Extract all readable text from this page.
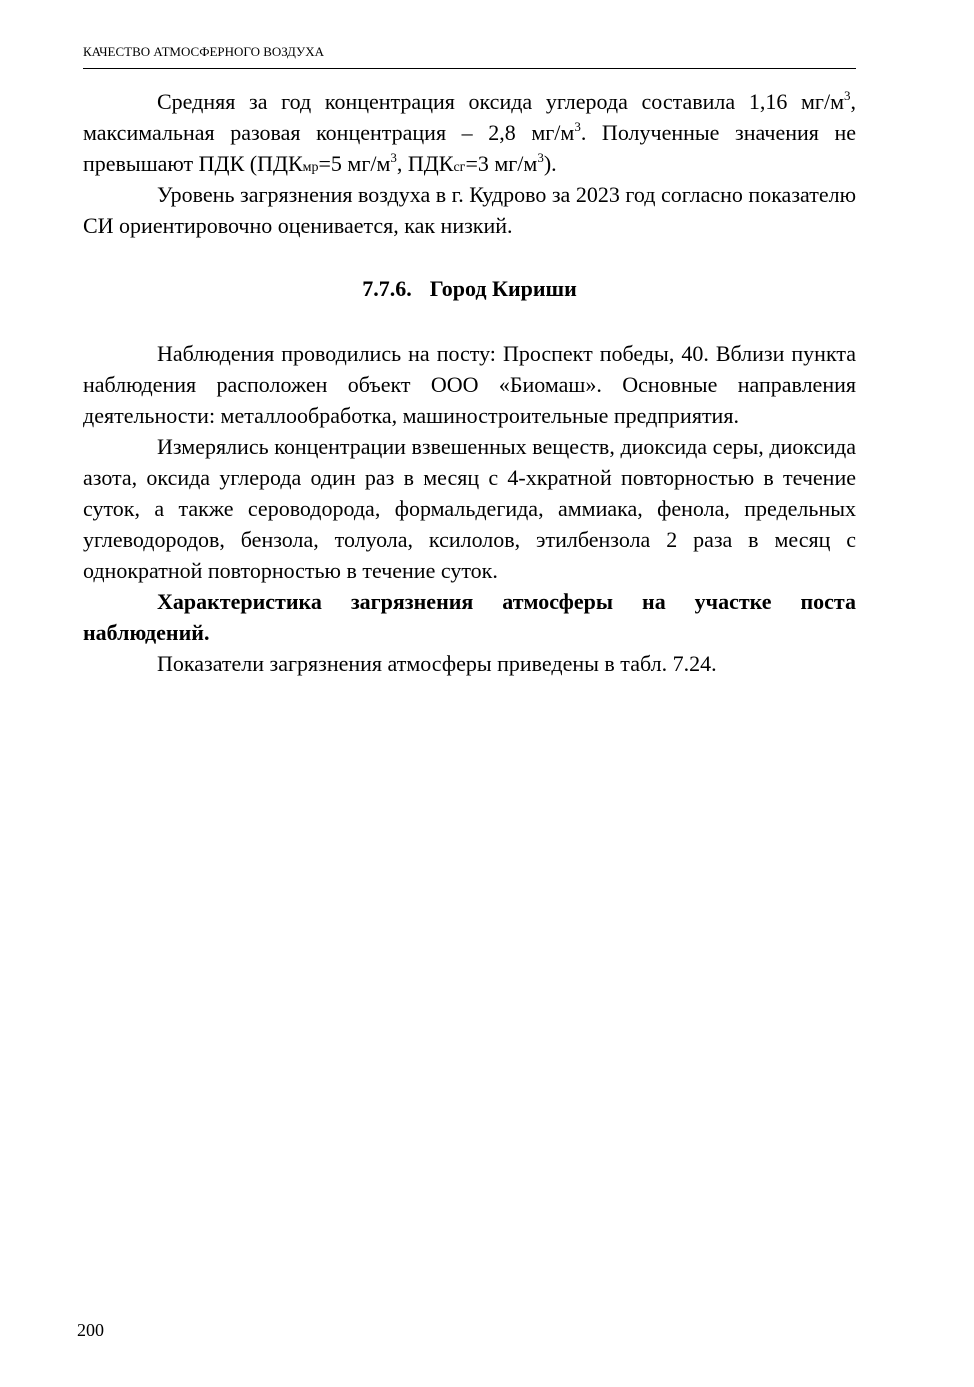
КАЧЕСТВО АТМОСФЕРНОГО ВОЗДУХА

Средняя за год концентрация оксида углерода составила 1,16 $мг/м^3$, максимальная разовая концентрация – 2,8 $мг/м^3$. Полученные значения не превышают ПДК (ПДКмр=5 $мг/м^3$, ПДКсг=3 $мг/м^3$).

Уровень загрязнения воздуха в г. Кудрово за 2023 год согласно показателю СИ ориентировочно оценивается, как низкий.

7.7.6. Город Кириши

Наблюдения проводились на посту: Проспект победы, 40. Вблизи пункта наблюдения расположен объект ООО «Биомаш». Основные направления деятельности: металлообработка, машиностроительные предприятия.

Измерялись концентрации взвешенных веществ, диоксида серы, диоксида азота, оксида углерода один раз в месяц с 4-хкратной повторностью в течение суток, а также сероводорода, формальдегида, аммиака, фенола, предельных углеводородов, бензола, толуола, ксилолов, этилбензола 2 раза в месяц с однократной повторностью в течение суток.

Характеристика загрязнения атмосферы на участке поста наблюдений.

Показатели загрязнения атмосферы приведены в табл. 7.24.

200
